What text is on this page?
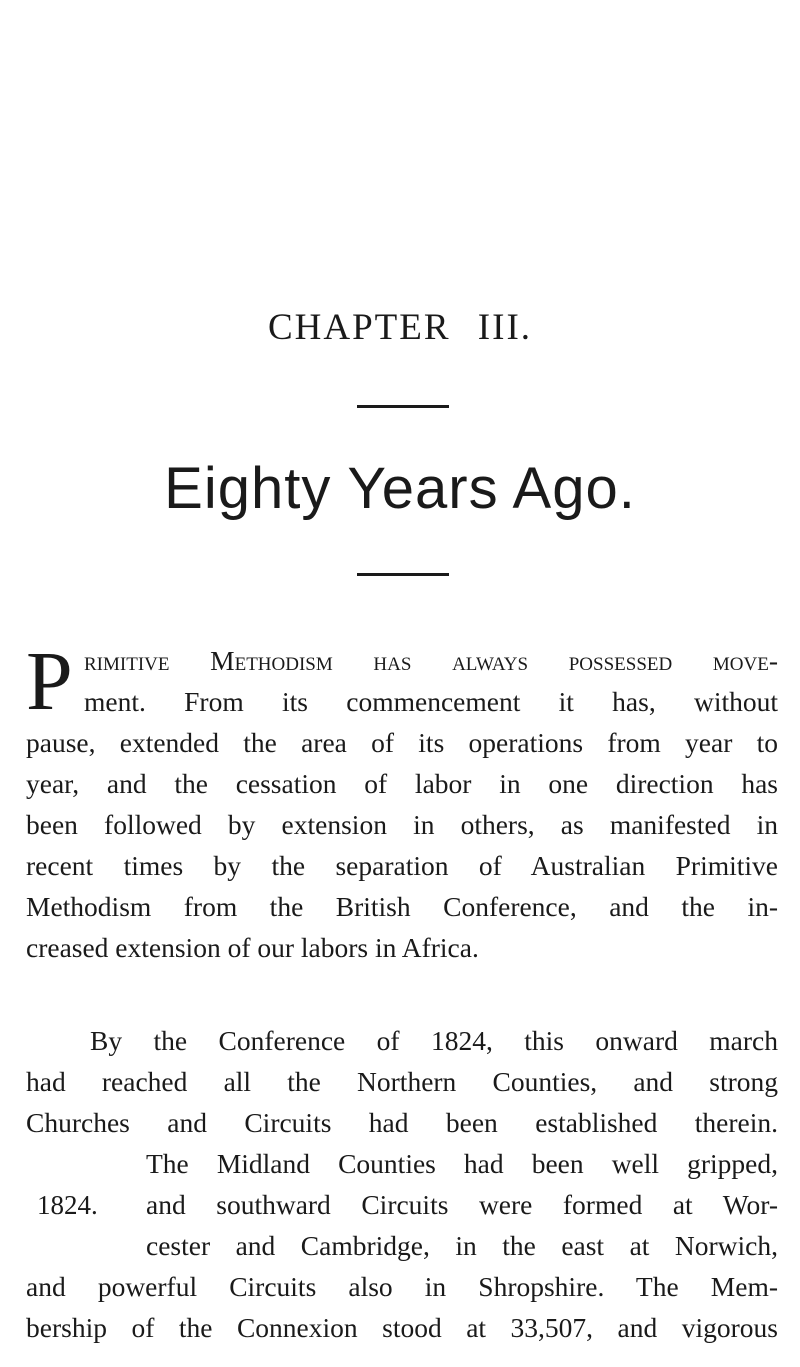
CHAPTER III.
Eighty Years Ago.
P rimitive Methodism has always possessed move-
ment. From its commencement it has, without
pause, extended the area of its operations from year to
year, and the cessation of labor in one direction has
been followed by extension in others, as manifested in
recent times by the separation of Australian Primitive
Methodism from the British Conference, and the in-
creased extension of our labors in Africa.
By the Conference of 1824, this onward march
had reached all the Northern Counties, and strong
Churches and Circuits had been established therein.
The Midland Counties had been well gripped,
and southward Circuits were formed at Wor-
cester and Cambridge, in the east at Norwich,
and powerful Circuits also in Shropshire. The Mem-
bership of the Connexion stood at 33,507, and vigorous
1824.
